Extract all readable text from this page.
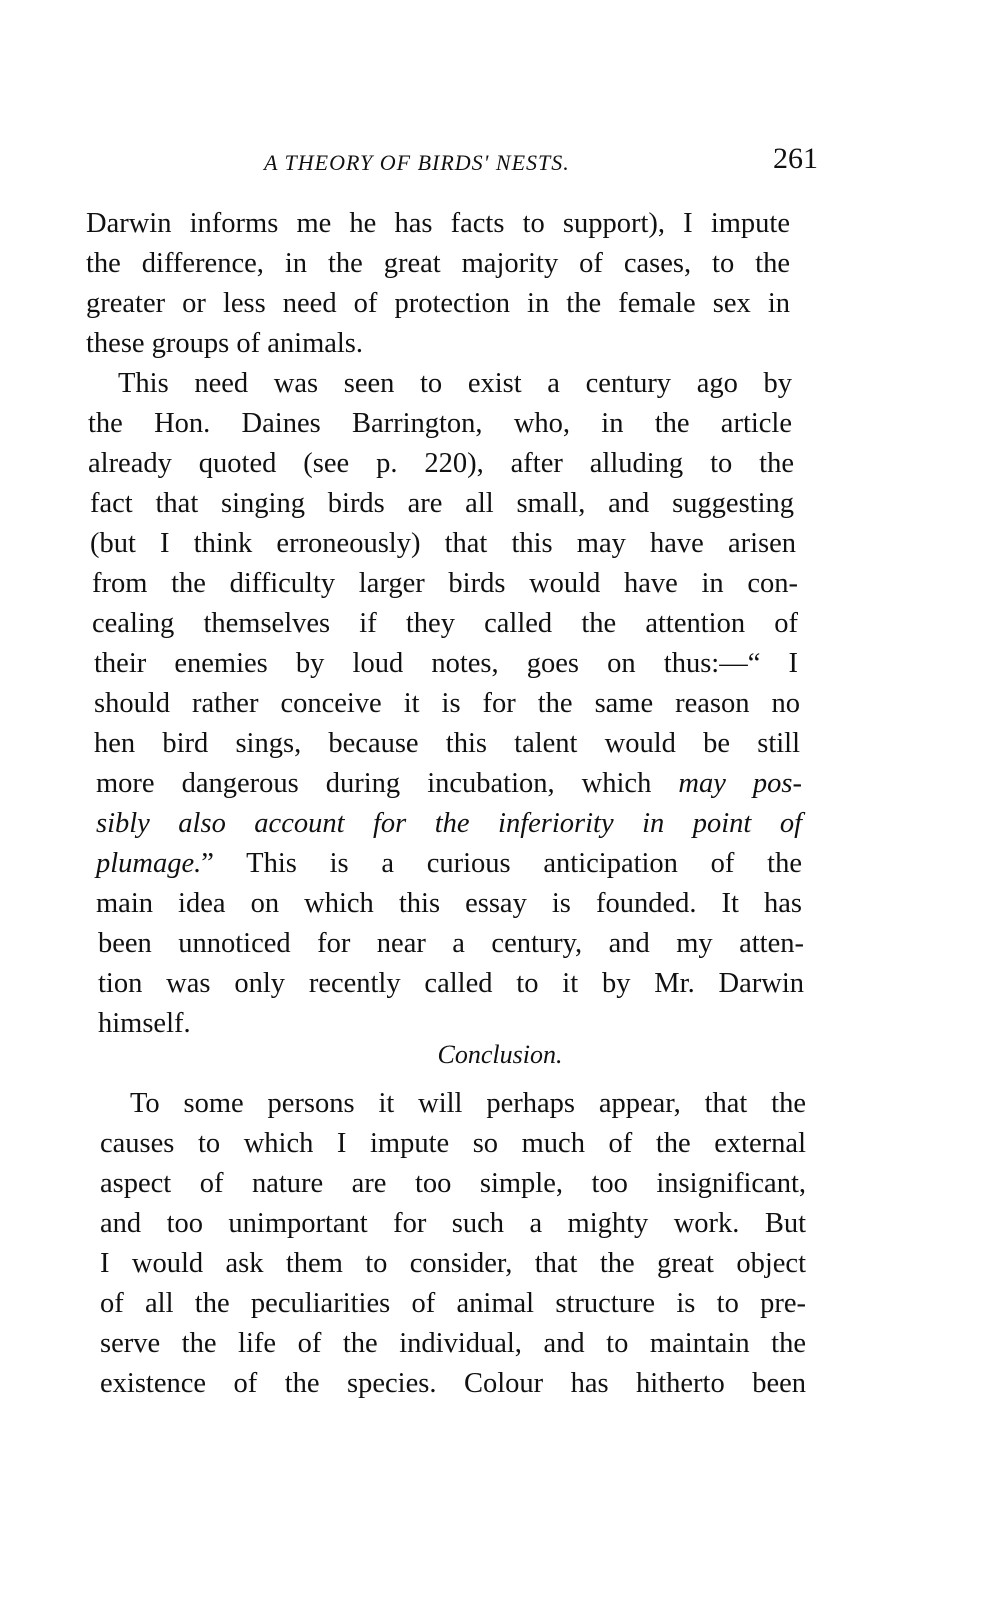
A THEORY OF BIRDS' NESTS.	261
Darwin informs me he has facts to support), I impute
the difference, in the great majority of cases, to the
greater or less need of protection in the female sex in
these groups of animals.
This need was seen to exist a century ago by
the Hon. Daines Barrington, who, in the article
already quoted (see p. 220), after alluding to the
fact that singing birds are all small, and suggesting
(but I think erroneously) that this may have arisen
from the difficulty larger birds would have in con-
cealing themselves if they called the attention of
their enemies by loud notes, goes on thus:—“ I
should rather conceive it is for the same reason no
hen bird sings, because this talent would be still
more dangerous during incubation, which may pos-
sibly also account for the inferiority in point of
plumage.” This is a curious anticipation of the
main idea on which this essay is founded. It has
been unnoticed for near a century, and my atten-
tion was only recently called to it by Mr. Darwin
himself.
Conclusion.
To some persons it will perhaps appear, that the
causes to which I impute so much of the external
aspect of nature are too simple, too insignificant,
and too unimportant for such a mighty work. But
I would ask them to consider, that the great object
of all the peculiarities of animal structure is to pre-
serve the life of the individual, and to maintain the
existence of the species. Colour has hitherto been
